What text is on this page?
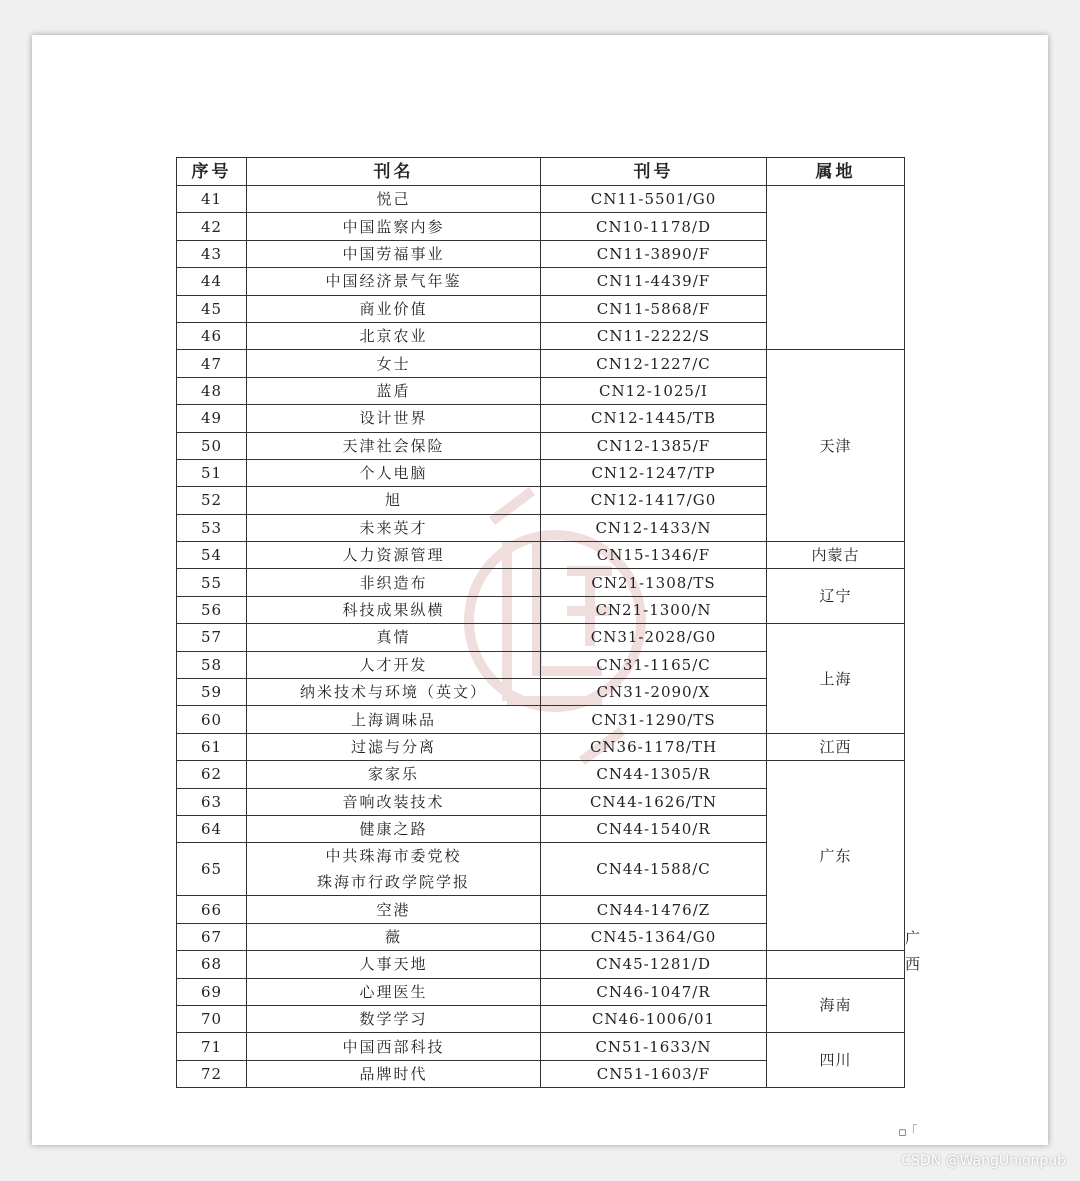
▫ ｢
序号	刊名	刊号	属地	
41	悦己	CN11-5501/G0		
42	中国监察内参	CN10-1178/D		
43	中国劳福事业	CN11-3890/F		
44	中国经济景气年鉴	CN11-4439/F		
45	商业价值	CN11-5868/F		
46	北京农业	CN11-2222/S		
47	女士	CN12-1227/C	天津	
48	蓝盾	CN12-1025/I		
49	设计世界	CN12-1445/TB		
50	天津社会保险	CN12-1385/F		
51	个人电脑	CN12-1247/TP		
52	旭	CN12-1417/G0		
53	未来英才	CN12-1433/N		
54	人力资源管理	CN15-1346/F	内蒙古	
55	非织造布	CN21-1308/TS	辽宁	
56	科技成果纵横	CN21-1300/N		
57	真情	CN31-2028/G0	上海	
58	人才开发	CN31-1165/C		
59	纳米技术与环境（英文）	CN31-2090/X		
60	上海调味品	CN31-1290/TS		
61	过滤与分离	CN36-1178/TH	江西	
62	家家乐	CN44-1305/R	广东	
63	音响改装技术	CN44-1626/TN		
64	健康之路	CN44-1540/R		
65	中共珠海市委党校
珠海市行政学院学报	CN44-1588/C		
66	空港	CN44-1476/Z		
67	薇	CN45-1364/G0	
68	人事天地	CN45-1281/D		
69	心理医生	CN46-1047/R	海南	
70	数学学习	CN46-1006/01		
71	中国西部科技	CN51-1633/N	四川	
72	品牌时代	CN51-1603/F		
CSDN @WangUnionpub
